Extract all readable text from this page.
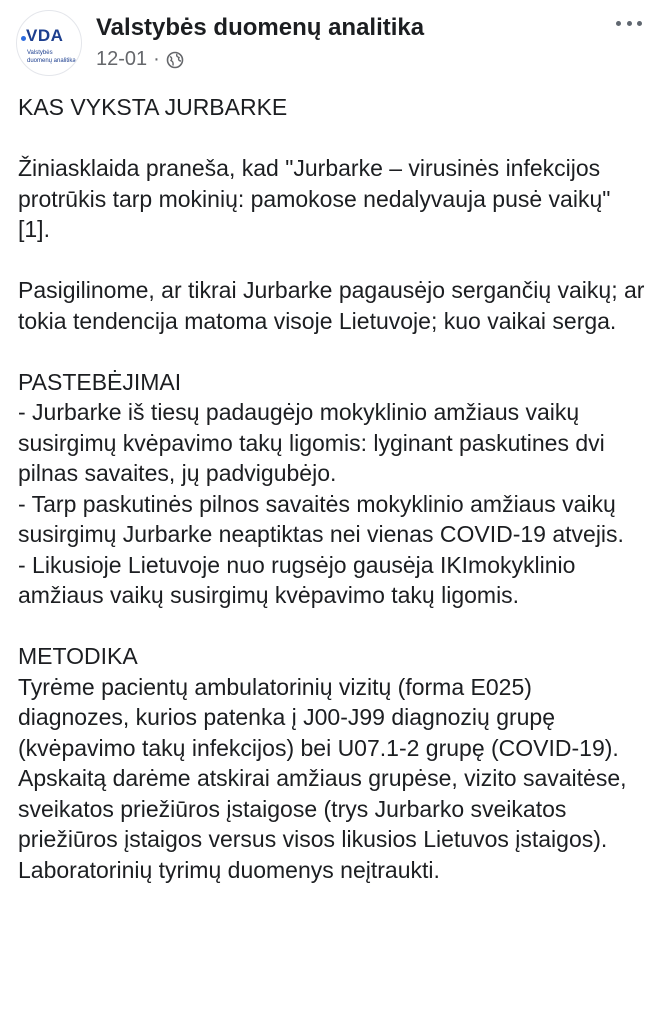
VDA
Valstybės duomenų analitika
Valstybės duomenų analitika
12-01 ·

KAS VYKSTA JURBARKE

Žiniasklaida praneša, kad "Jurbarke – virusinės infekcijos protrūkis tarp mokinių: pamokose nedalyvauja pusė vaikų" [1].

Pasigilinome, ar tikrai Jurbarke pagausėjo sergančių vaikų; ar tokia tendencija matoma visoje Lietuvoje; kuo vaikai serga.

PASTEBĖJIMAI

- Jurbarke iš tiesų padaugėjo mokyklinio amžiaus vaikų susirgimų kvėpavimo takų ligomis: lyginant paskutines dvi pilnas savaites, jų padvigubėjo.

- Tarp paskutinės pilnos savaitės mokyklinio amžiaus vaikų susirgimų Jurbarke neaptiktas nei vienas COVID-19 atvejis.

- Likusioje Lietuvoje nuo rugsėjo gausėja IKImokyklinio amžiaus vaikų susirgimų kvėpavimo takų ligomis.

METODIKA

Tyrėme pacientų ambulatorinių vizitų (forma E025) diagnozes, kurios patenka į J00-J99 diagnozių grupę (kvėpavimo takų infekcijos) bei U07.1-2 grupę (COVID-19). Apskaitą darėme atskirai amžiaus grupėse, vizito savaitėse, sveikatos priežiūros įstaigose (trys Jurbarko sveikatos priežiūros įstaigos versus visos likusios Lietuvos įstaigos). Laboratorinių tyrimų duomenys neįtraukti.
